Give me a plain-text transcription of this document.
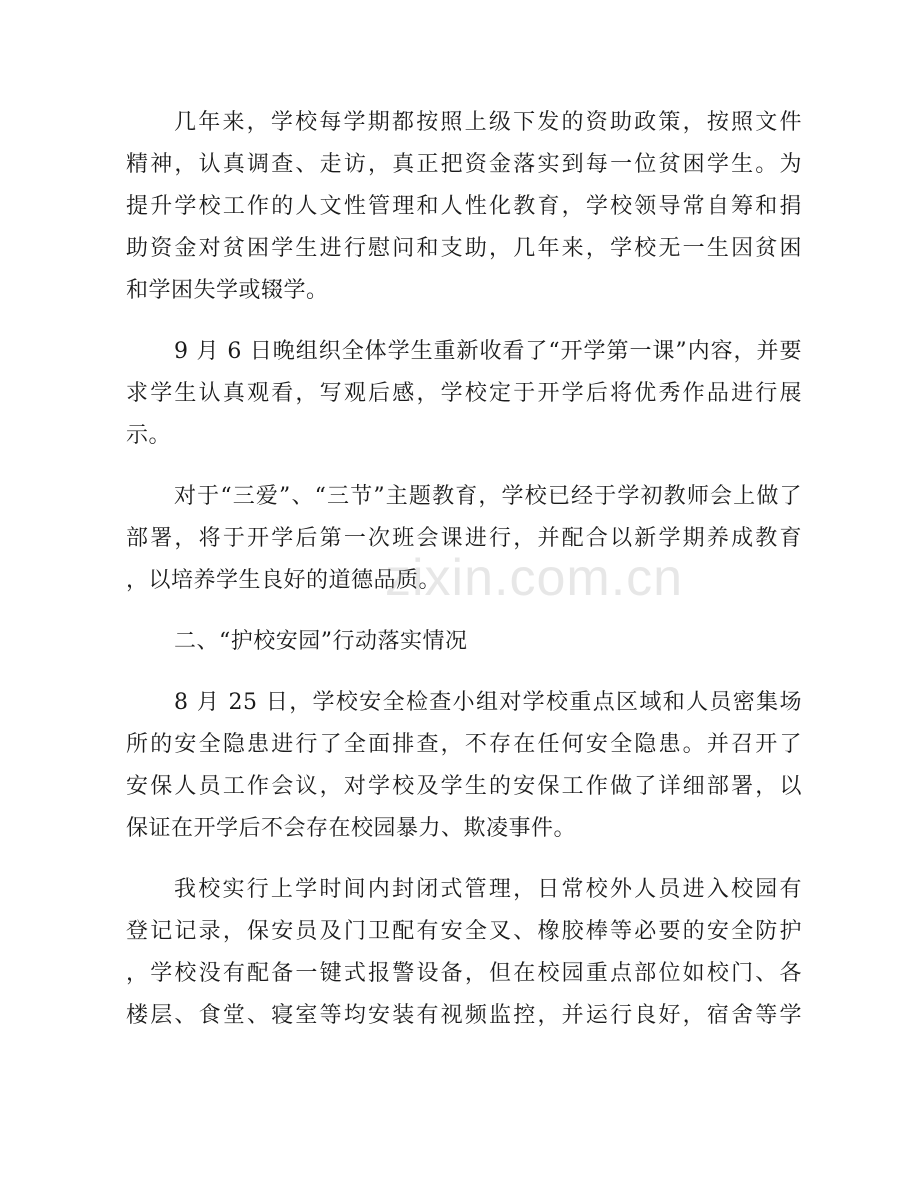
几年来，学校每学期都按照上级下发的资助政策，按照文件
精神，认真调查、走访，真正把资金落实到每一位贫困学生。为
提升学校工作的人文性管理和人性化教育，学校领导常自筹和捐
助资金对贫困学生进行慰问和支助，几年来，学校无一生因贫困
和学困失学或辍学。
9 月 6 日晚组织全体学生重新收看了“开学第一课”内容，并要
求学生认真观看，写观后感，学校定于开学后将优秀作品进行展
示。
对于“三爱”、“三节”主题教育，学校已经于学初教师会上做了
部署，将于开学后第一次班会课进行，并配合以新学期养成教育
，以培养学生良好的道德品质。
二、“护校安园”行动落实情况
8 月 25 日，学校安全检查小组对学校重点区域和人员密集场
所的安全隐患进行了全面排查，不存在任何安全隐患。并召开了
安保人员工作会议，对学校及学生的安保工作做了详细部署，以
保证在开学后不会存在校园暴力、欺凌事件。
我校实行上学时间内封闭式管理，日常校外人员进入校园有
登记记录，保安员及门卫配有安全叉、橡胶棒等必要的安全防护
，学校没有配备一键式报警设备，但在校园重点部位如校门、各
楼层、食堂、寝室等均安装有视频监控，并运行良好，宿舍等学
zixin.com.cn
